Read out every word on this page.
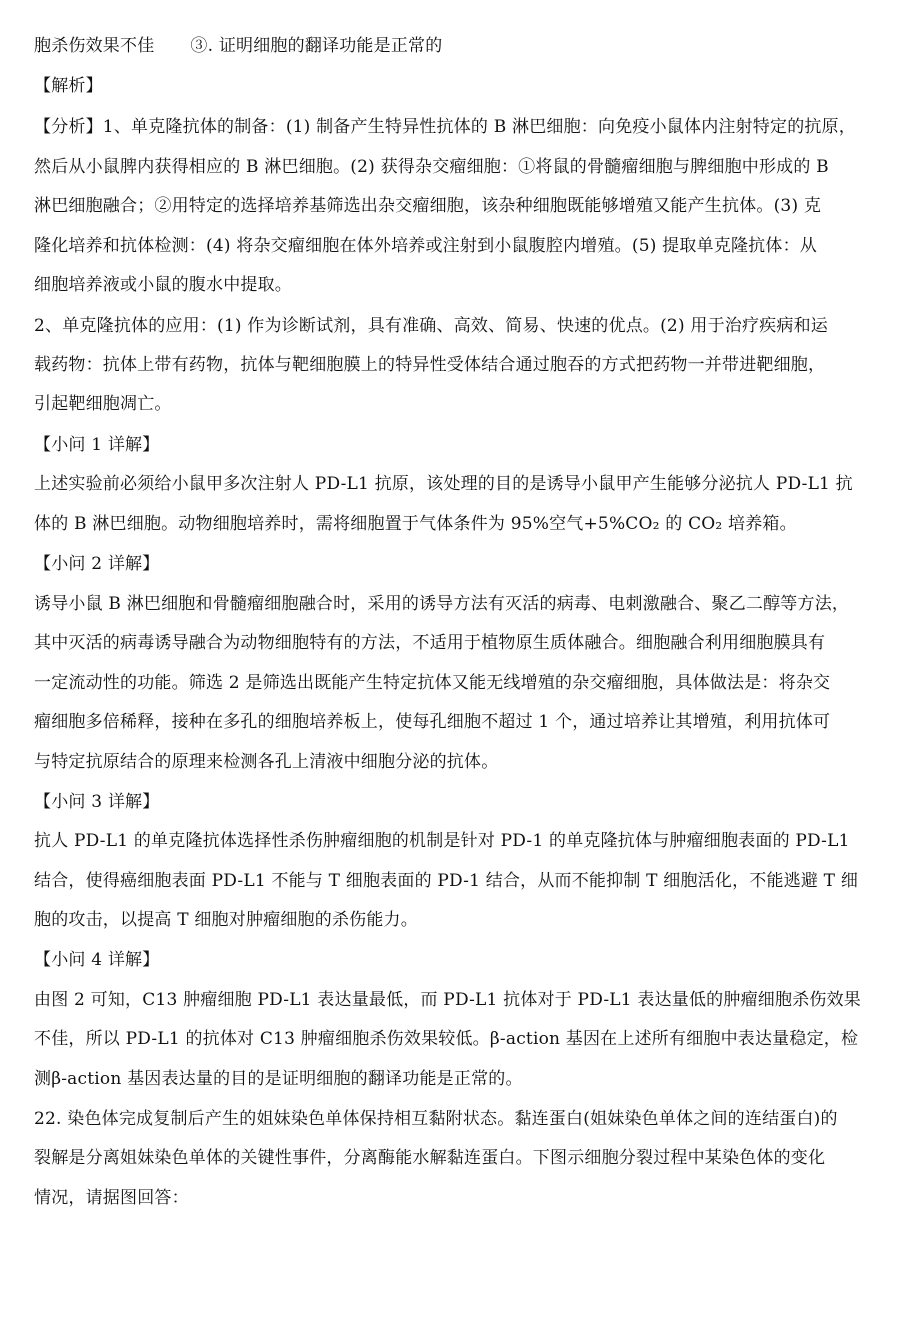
胞杀伤效果不佳 ③. 证明细胞的翻译功能是正常的
【解析】
【分析】1、单克隆抗体的制备：(1) 制备产生特异性抗体的 B 淋巴细胞：向免疫小鼠体内注射特定的抗原，
然后从小鼠脾内获得相应的 B 淋巴细胞。(2) 获得杂交瘤细胞：①将鼠的骨髓瘤细胞与脾细胞中形成的 B
淋巴细胞融合；②用特定的选择培养基筛选出杂交瘤细胞，该杂种细胞既能够增殖又能产生抗体。(3) 克
隆化培养和抗体检测：(4) 将杂交瘤细胞在体外培养或注射到小鼠腹腔内增殖。(5) 提取单克隆抗体：从
细胞培养液或小鼠的腹水中提取。
2、单克隆抗体的应用：(1) 作为诊断试剂，具有准确、高效、简易、快速的优点。(2) 用于治疗疾病和运
载药物：抗体上带有药物，抗体与靶细胞膜上的特异性受体结合通过胞吞的方式把药物一并带进靶细胞，
引起靶细胞凋亡。
【小问 1 详解】
上述实验前必须给小鼠甲多次注射人 PD-L1 抗原，该处理的目的是诱导小鼠甲产生能够分泌抗人 PD-L1 抗
体的 B 淋巴细胞。动物细胞培养时，需将细胞置于气体条件为 95%空气+5%CO₂ 的 CO₂ 培养箱。
【小问 2 详解】
诱导小鼠 B 淋巴细胞和骨髓瘤细胞融合时，采用的诱导方法有灭活的病毒、电刺激融合、聚乙二醇等方法，
其中灭活的病毒诱导融合为动物细胞特有的方法，不适用于植物原生质体融合。细胞融合利用细胞膜具有
一定流动性的功能。筛选 2 是筛选出既能产生特定抗体又能无线增殖的杂交瘤细胞，具体做法是：将杂交
瘤细胞多倍稀释，接种在多孔的细胞培养板上，使每孔细胞不超过 1 个，通过培养让其增殖，利用抗体可
与特定抗原结合的原理来检测各孔上清液中细胞分泌的抗体。
【小问 3 详解】
抗人 PD-L1 的单克隆抗体选择性杀伤肿瘤细胞的机制是针对 PD-1 的单克隆抗体与肿瘤细胞表面的 PD-L1
结合，使得癌细胞表面 PD-L1 不能与 T 细胞表面的 PD-1 结合，从而不能抑制 T 细胞活化，不能逃避 T 细
胞的攻击，以提高 T 细胞对肿瘤细胞的杀伤能力。
【小问 4 详解】
由图 2 可知，C13 肿瘤细胞 PD-L1 表达量最低，而 PD-L1 抗体对于 PD-L1 表达量低的肿瘤细胞杀伤效果
不佳，所以 PD-L1 的抗体对 C13 肿瘤细胞杀伤效果较低。β-action 基因在上述所有细胞中表达量稳定，检
测β-action 基因表达量的目的是证明细胞的翻译功能是正常的。
22. 染色体完成复制后产生的姐妹染色单体保持相互黏附状态。黏连蛋白(姐妹染色单体之间的连结蛋白)的
裂解是分离姐妹染色单体的关键性事件，分离酶能水解黏连蛋白。下图示细胞分裂过程中某染色体的变化
情况，请据图回答：
